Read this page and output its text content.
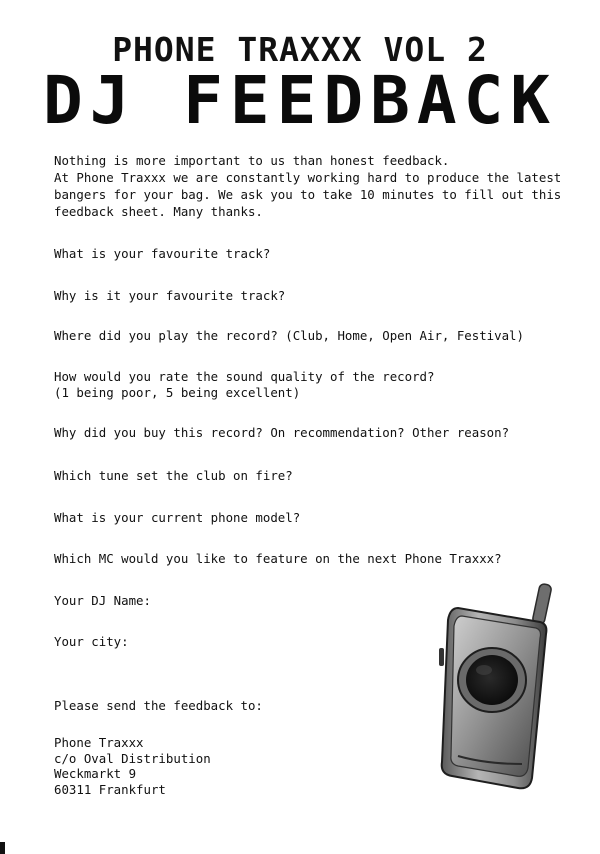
PHONE TRAXXX VOL 2
DJ FEEDBACK

Nothing is more important to us than honest feedback.

At Phone Traxxx we are constantly working hard to produce the latest bangers for your bag. We ask you to take 10 minutes to fill out this feedback sheet. Many thanks.

What is your favourite track?

Why is it your favourite track?

Where did you play the record? (Club, Home, Open Air, Festival)

How would you rate the sound quality of the record?
(1 being poor, 5 being excellent)

Why did you buy this record? On recommendation? Other reason?

Which tune set the club on fire?

What is your current phone model?

Which MC would you like to feature on the next Phone Traxxx?

Your DJ Name:

Your city:

Please send the feedback to:

Phone Traxxx
c/o Oval Distribution
Weckmarkt 9
60311 Frankfurt
